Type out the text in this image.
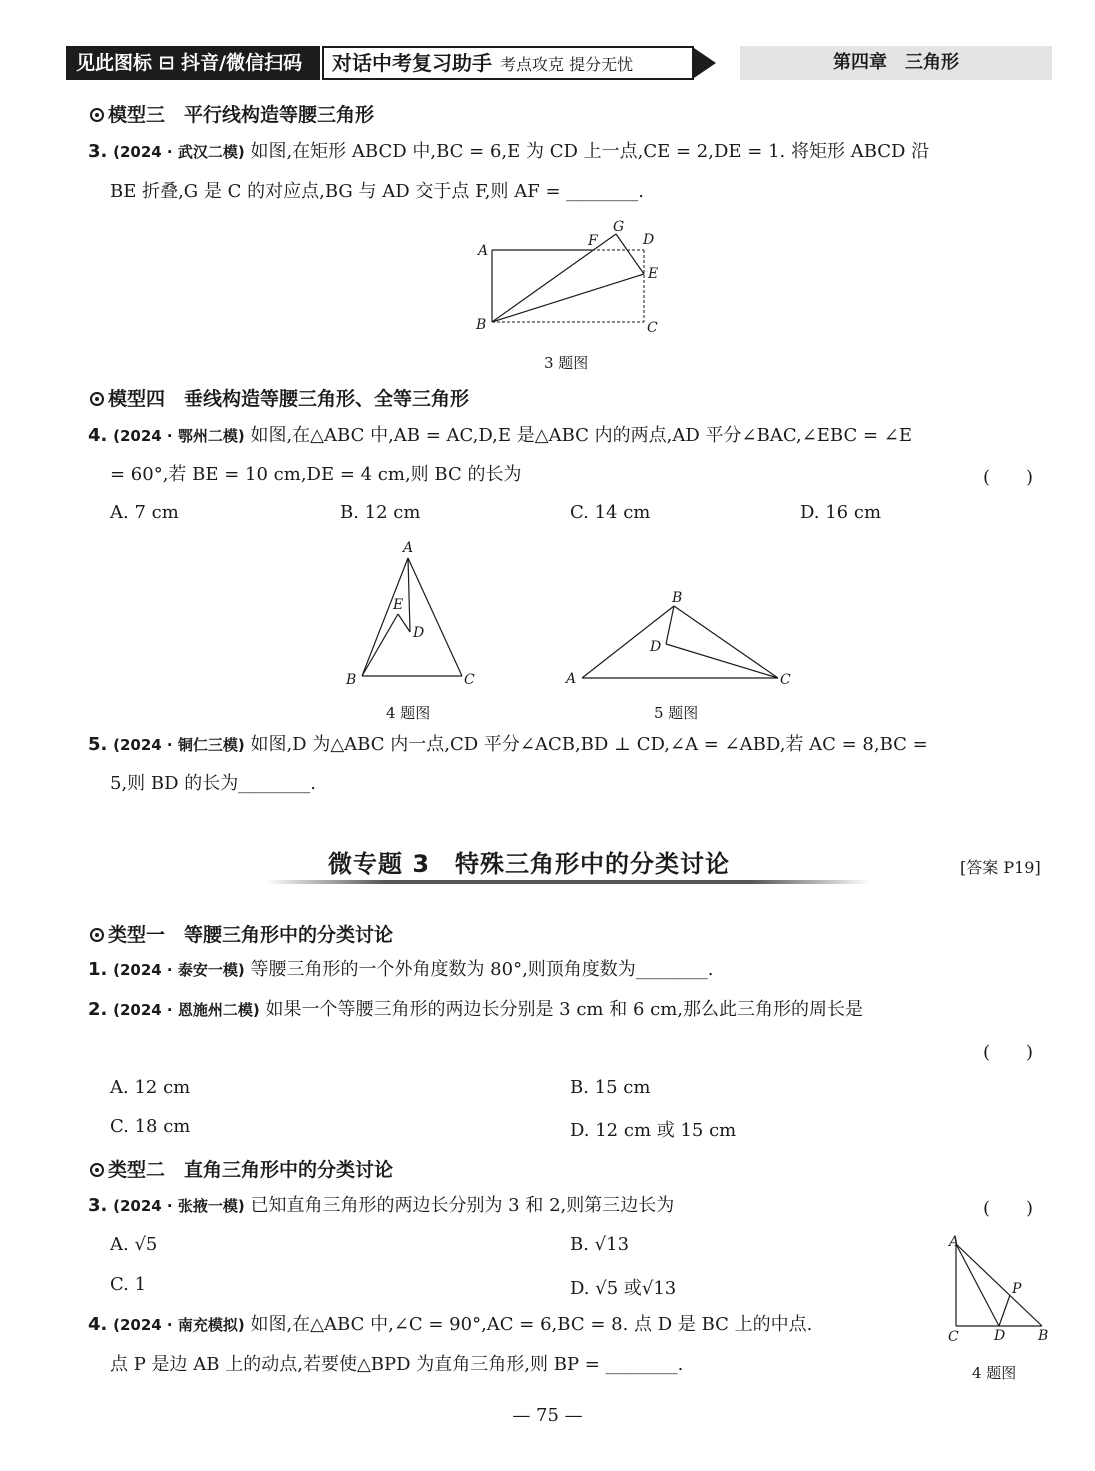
见此图标 ⊟ 抖音/微信扫码	对话中考复习助手 考点攻克 提分无忧	第四章　三角形
模型三　平行线构造等腰三角形
3. (2024 · 武汉二模) 如图,在矩形 ABCD 中,BC = 6,E 为 CD 上一点,CE = 2,DE = 1. 将矩形 ABCD 沿
BE 折叠,G 是 C 的对应点,BG 与 AD 交于点 F,则 AF = ________.
A
B	C
D
E
F
G
3 题图
模型四　垂线构造等腰三角形、全等三角形
4. (2024 · 鄂州二模) 如图,在△ABC 中,AB = AC,D,E 是△ABC 内的两点,AD 平分∠BAC,∠EBC = ∠E
= 60°,若 BE = 10 cm,DE = 4 cm,则 BC 的长为	(　　)
A. 7 cm	B. 12 cm	C. 14 cm	D. 16 cm
A
B	C
D
E
4 题图
A
B
C
D
5 题图
5. (2024 · 铜仁三模) 如图,D 为△ABC 内一点,CD 平分∠ACB,BD ⊥ CD,∠A = ∠ABD,若 AC = 8,BC =
5,则 BD 的长为________.
微专题 3　特殊三角形中的分类讨论	[答案 P19]
类型一　等腰三角形中的分类讨论
1. (2024 · 泰安一模) 等腰三角形的一个外角度数为 80°,则顶角度数为________.
2. (2024 · 恩施州二模) 如果一个等腰三角形的两边长分别是 3 cm 和 6 cm,那么此三角形的周长是
(　　)
A. 12 cm	B. 15 cm
C. 18 cm	D. 12 cm 或 15 cm
类型二　直角三角形中的分类讨论
3. (2024 · 张掖一模) 已知直角三角形的两边长分别为 3 和 2,则第三边长为	(　　)
A. √5	B. √13
C. 1	D. √5 或√13
4. (2024 · 南充模拟) 如图,在△ABC 中,∠C = 90°,AC = 6,BC = 8. 点 D 是 BC 上的中点.
点 P 是边 AB 上的动点,若要使△BPD 为直角三角形,则 BP = ________.
A
C	D B
P
4 题图
— 75 —
